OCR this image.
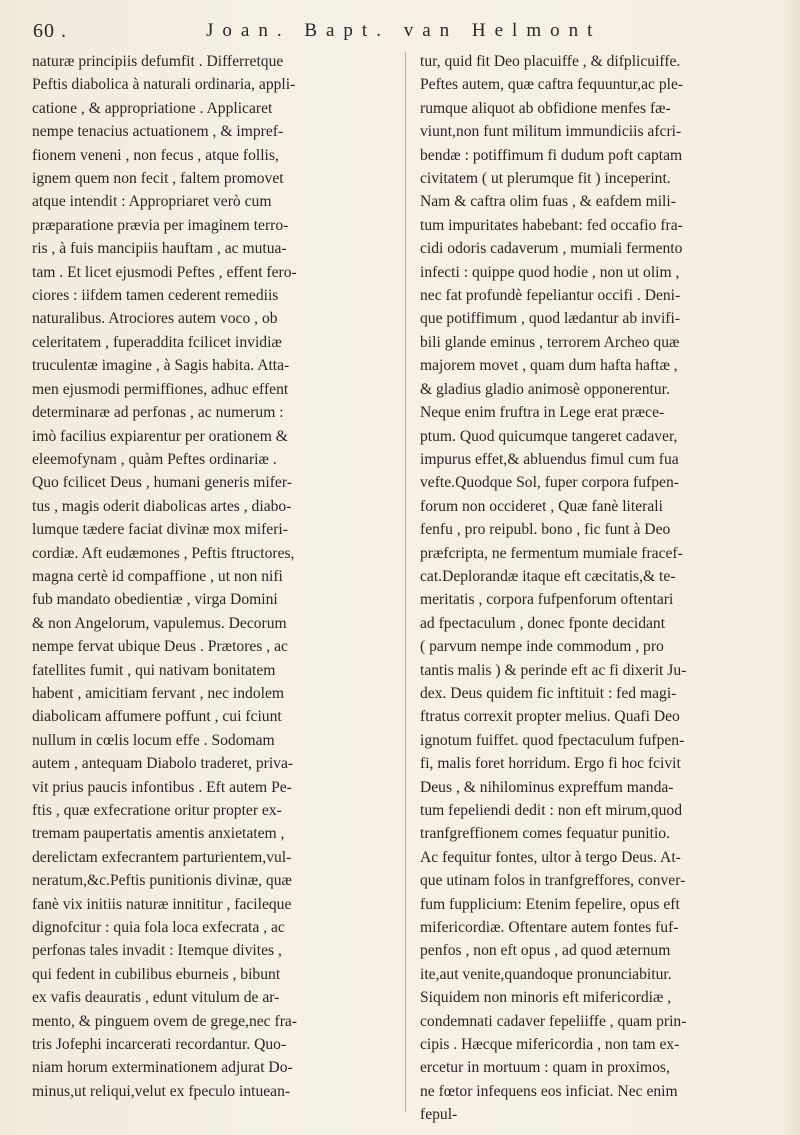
60 .	Joan. Bapt. van Helmont
naturæ principiis defumfit . Differretque
Peftis diabolica à naturali ordinaria, appli-
catione , & appropriatione . Applicaret
nempe tenacius actuationem , & impref-
fionem veneni , non fecus , atque follis,
ignem quem non fecit , faltem promovet
atque intendit : Appropriaret verò cum
præparatione prævia per imaginem terro-
ris , à fuis mancipiis hauftam , ac mutua-
tam . Et licet ejusmodi Peftes , effent fero-
ciores : iifdem tamen cederent remediis
naturalibus. Atrociores autem voco , ob
celeritatem , fuperaddita fcilicet invidiæ
truculentæ imagine , à Sagis habita. Atta-
men ejusmodi permiffiones, adhuc effent
determinaræ ad perfonas , ac numerum :
imò facilius expiarentur per orationem &
eleemofynam , quàm Peftes ordinariæ .
Quo fcilicet Deus , humani generis mifer-
tus , magis oderit diabolicas artes , diabo-
lumque tædere faciat divinæ mox miferi-
cordiæ. Aft eudæmones , Peftis ftructores,
magna certè id compaffione , ut non nifi
fub mandato obedientiæ , virga Domini
& non Angelorum, vapulemus. Decorum
nempe fervat ubique Deus . Prætores , ac
fatellites fumit , qui nativam bonitatem
habent , amicitiam fervant , nec indolem
diabolicam affumere poffunt , cui fciunt
nullum in cœlis locum effe . Sodomam
autem , antequam Diabolo traderet, priva-
vit prius paucis infontibus . Eft autem Pe-
ftis , quæ exfecratione oritur propter ex-
tremam paupertatis amentis anxietatem ,
derelictam exfecrantem parturientem,vul-
neratum,&c.Peftis punitionis divinæ, quæ
fanè vix initiis naturæ innititur , facileque
dignofcitur : quia fola loca exfecrata , ac
perfonas tales invadit : Itemque divites ,
qui fedent in cubilibus eburneis , bibunt
ex vafis deauratis , edunt vitulum de ar-
mento, & pinguem ovem de grege,nec fra-
tris Jofephi incarcerati recordantur. Quo-
niam horum exterminationem adjurat Do-
minus,ut reliqui,velut ex fpeculo intuean-
tur, quid fit Deo placuiffe , & difplicuiffe.
Peftes autem, quæ caftra fequuntur,ac ple-
rumque aliquot ab obfidione menfes fæ-
viunt,non funt militum immundiciis afcri-
bendæ : potiffimum fi dudum poft captam
civitatem ( ut plerumque fit ) inceperint.
Nam & caftra olim fuas , & eafdem mili-
tum impuritates habebant: fed occafio fra-
cidi odoris cadaverum , mumiali fermento
infecti : quippe quod hodie , non ut olim ,
nec fat profundè fepeliantur occifi . Deni-
que potiffimum , quod lædantur ab invifi-
bili glande eminus , terrorem Archeo quæ
majorem movet , quam dum hafta haftæ ,
& gladius gladio animosè opponerentur.
Neque enim fruftra in Lege erat præce-
ptum. Quod quicumque tangeret cadaver,
impurus effet,& abluendus fimul cum fua
vefte.Quodque Sol, fuper corpora fufpen-
forum non occideret , Quæ fanè literali
fenfu , pro reipubl. bono , fic funt à Deo
præfcripta, ne fermentum mumiale fracef-
cat.Deplorandæ itaque eft cæcitatis,& te-
meritatis , corpora fufpenforum oftentari
ad fpectaculum , donec fponte decidant
( parvum nempe inde commodum , pro
tantis malis ) & perinde eft ac fi dixerit Ju-
dex. Deus quidem fic inftituit : fed magi-
ftratus correxit propter melius. Quafi Deo
ignotum fuiffet. quod fpectaculum fufpen-
fi, malis foret horridum. Ergo fi hoc fcivit
Deus , & nihilominus expreffum manda-
tum fepeliendi dedit : non eft mirum,quod
tranfgreffionem comes fequatur punitio.
Ac fequitur fontes, ultor à tergo Deus. At-
que utinam folos in tranfgreffores, conver-
fum fupplicium: Etenim fepelire, opus eft
mifericordiæ. Oftentare autem fontes fuf-
penfos , non eft opus , ad quod æternum
ite,aut venite,quandoque pronunciabitur.
Siquidem non minoris eft mifericordiæ ,
condemnati cadaver fepeliiffe , quam prin-
cipis . Hæcque mifericordia , non tam ex-
ercetur in mortuum : quam in proximos,
ne fœtor infequens eos inficiat. Nec enim
fepul-
